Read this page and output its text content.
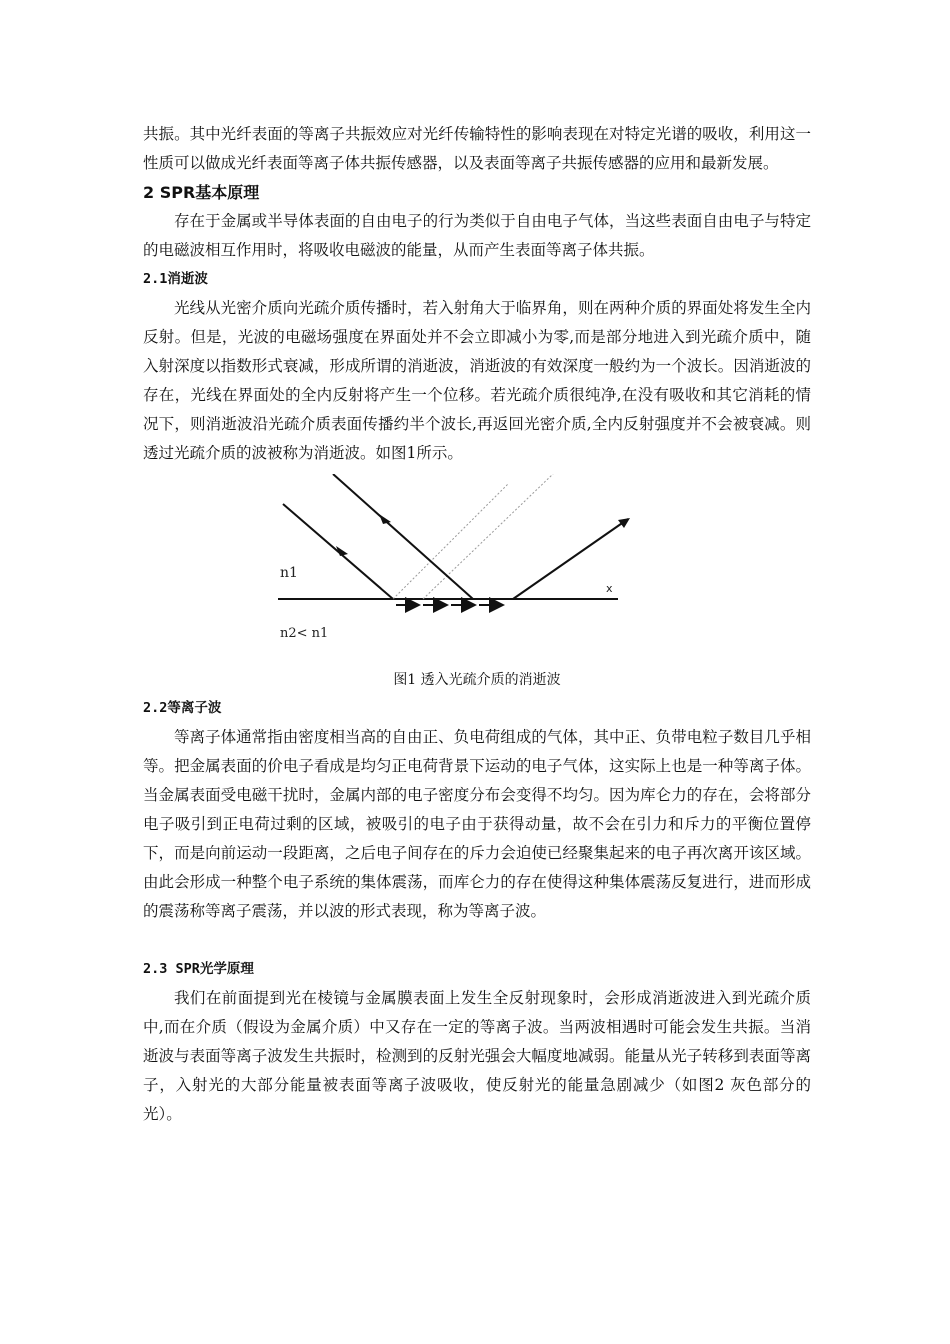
共振。其中光纤表面的等离子共振效应对光纤传输特性的影响表现在对特定光谱的吸收，利用这一性质可以做成光纤表面等离子体共振传感器，以及表面等离子共振传感器的应用和最新发展。

2 SPR基本原理

存在于金属或半导体表面的自由电子的行为类似于自由电子气体，当这些表面自由电子与特定的电磁波相互作用时，将吸收电磁波的能量，从而产生表面等离子体共振。

2.1消逝波

光线从光密介质向光疏介质传播时，若入射角大于临界角，则在两种介质的界面处将发生全内反射。但是，光波的电磁场强度在界面处并不会立即减小为零,而是部分地进入到光疏介质中，随入射深度以指数形式衰减，形成所谓的消逝波，消逝波的有效深度一般约为一个波长。因消逝波的存在，光线在界面处的全内反射将产生一个位移。若光疏介质很纯净,在没有吸收和其它消耗的情况下，则消逝波沿光疏介质表面传播约半个波长,再返回光密介质,全内反射强度并不会被衰减。则透过光疏介质的波被称为消逝波。如图1所示。

n1
x
n2< n1
图1 透入光疏介质的消逝波
2.2等离子波

等离子体通常指由密度相当高的自由正、负电荷组成的气体，其中正、负带电粒子数目几乎相等。把金属表面的价电子看成是均匀正电荷背景下运动的电子气体，这实际上也是一种等离子体。当金属表面受电磁干扰时，金属内部的电子密度分布会变得不均匀。因为库仑力的存在，会将部分电子吸引到正电荷过剩的区域，被吸引的电子由于获得动量，故不会在引力和斥力的平衡位置停下，而是向前运动一段距离，之后电子间存在的斥力会迫使已经聚集起来的电子再次离开该区域。由此会形成一种整个电子系统的集体震荡，而库仑力的存在使得这种集体震荡反复进行，进而形成的震荡称等离子震荡，并以波的形式表现，称为等离子波。

2.3 SPR光学原理

我们在前面提到光在棱镜与金属膜表面上发生全反射现象时，会形成消逝波进入到光疏介质中,而在介质（假设为金属介质）中又存在一定的等离子波。当两波相遇时可能会发生共振。当消逝波与表面等离子波发生共振时，检测到的反射光强会大幅度地减弱。能量从光子转移到表面等离子，入射光的大部分能量被表面等离子波吸收，使反射光的能量急剧减少（如图2 灰色部分的光）。
